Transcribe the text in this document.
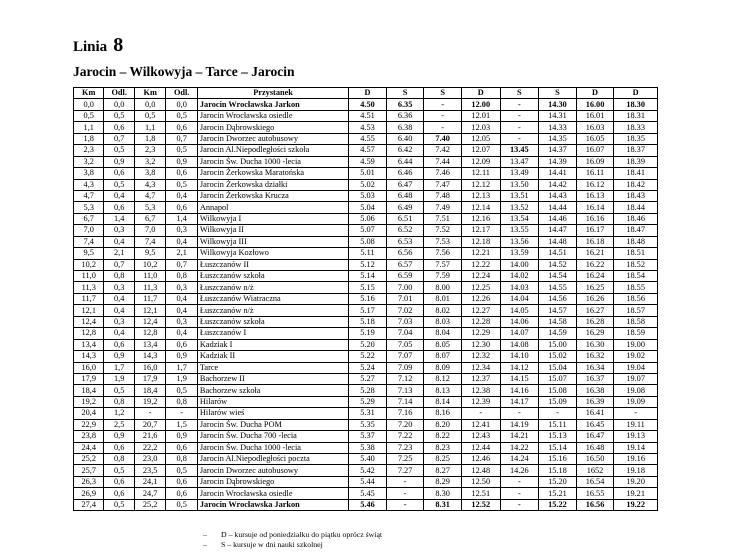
Linia 8
Jarocin – Wilkowyja – Tarce – Jarocin
Km	Odl.	Km	Odl.	Przystanek	D	S	S	D	S	S	D	D
0,0	0,0	0,0	0,0	Jarocin Wrocławska Jarkon	4.50	6.35	-	12.00	-	14.30	16.00	18.30
0,5	0,5	0,5	0,5	Jarocin Wrocławska osiedle	4.51	6.36	-	12.01	-	14.31	16.01	18.31
1,1	0,6	1,1	0,6	Jarocin Dąbrowskiego	4.53	6.38	-	12.03	-	14.33	16.03	18.33
1,8	0,7	1,8	0,7	Jarocin Dworzec autobusowy	4.55	6.40	7.40	12.05	-	14.35	16.05	18.35
2,3	0,5	2,3	0,5	Jarocin Al.Niepodległości szkoła	4.57	6.42	7.42	12.07	13.45	14.37	16.07	18.37
3,2	0,9	3,2	0,9	Jarocin Św. Ducha 1000 -lecia	4.59	6.44	7.44	12.09	13.47	14.39	16.09	18.39
3,8	0,6	3,8	0,6	Jarocin Żerkowska Maratońska	5.01	6.46	7.46	12.11	13.49	14.41	16.11	18.41
4,3	0,5	4,3	0,5	Jarocin Żerkowska działki	5.02	6.47	7.47	12.12	13.50	14.42	16.12	18.42
4,7	0,4	4,7	0,4	Jarocin Żerkowska Krucza	5.03	6.48	7.48	12.13	13.51	14.43	16.13	18.43
5,3	0,6	5,3	0,6	Annapol	5.04	6.49	7.49	12.14	13.52	14.44	16.14	18.44
6,7	1,4	6,7	1,4	Wilkowyja I	5.06	6.51	7.51	12.16	13.54	14.46	16.16	18.46
7,0	0,3	7,0	0,3	Wilkowyja II	5.07	6.52	7.52	12.17	13.55	14.47	16.17	18.47
7,4	0,4	7,4	0,4	Wilkowyja III	5.08	6.53	7.53	12.18	13.56	14.48	16.18	18.48
9,5	2,1	9,5	2,1	Wilkowyja Kozłowo	5.11	6.56	7.56	12.21	13.59	14.51	16.21	18.51
10,2	0,7	10,2	0,7	Łuszczanów II	5.12	6.57	7.57	12.22	14.00	14.52	16.22	18.52
11,0	0,8	11,0	0,8	Łuszczanów szkoła	5.14	6.59	7.59	12.24	14.02	14.54	16.24	18.54
11,3	0,3	11,3	0,3	Łuszczanów n/ż	5.15	7.00	8.00	12.25	14.03	14.55	16.25	18.55
11,7	0,4	11,7	0,4	Łuszczanów Wiatraczna	5.16	7.01	8.01	12.26	14.04	14.56	16.26	18.56
12,1	0,4	12,1	0,4	Łuszczanów n/ż	5.17	7.02	8.02	12.27	14.05	14.57	16.27	18.57
12,4	0,3	12,4	0,3	Łuszczanów szkoła	5.18	7.03	8.03	12.28	14.06	14.58	16.28	18.58
12,8	0,4	12,8	0,4	Łuszczanów I	5.19	7.04	8.04	12.29	14.07	14.59	16.29	18.59
13,4	0,6	13,4	0,6	Kadziak I	5.20	7.05	8.05	12.30	14.08	15.00	16.30	19.00
14,3	0,9	14,3	0,9	Kadziak II	5.22	7.07	8.07	12.32	14.10	15.02	16.32	19.02
16,0	1,7	16,0	1,7	Tarce	5.24	7.09	8.09	12.34	14.12	15.04	16.34	19.04
17,9	1,9	17,9	1,9	Bachorzew II	5.27	7.12	8.12	12.37	14.15	15.07	16.37	19.07
18,4	0,5	18,4	0,5	Bachorzew szkoła	5.28	7.13	8.13	12.38	14.16	15.08	16.38	19.08
19,2	0,8	19,2	0,8	Hilarów	5.29	7.14	8.14	12.39	14.17	15.09	16.39	19.09
20,4	1,2	-	-	Hilarów wieś	5.31	7.16	8.16	-	-	-	16.41	-
22,9	2,5	20,7	1,5	Jarocin Św. Ducha POM	5.35	7.20	8.20	12.41	14.19	15.11	16.45	19.11
23,8	0,9	21,6	0,9	Jarocin Św. Ducha 700 -lecia	5.37	7.22	8.22	12.43	14.21	15.13	16.47	19.13
24,4	0,6	22,2	0,6	Jarocin Św. Ducha 1000 -lecia	5.38	7.23	8.23	12.44	14.22	15.14	16.48	19.14
25,2	0,8	23,0	0,8	Jarocin Al.Niepodległości poczta	5.40	7.25	8.25	12.46	14.24	15.16	16.50	19.16
25,7	0,5	23,5	0,5	Jarocin Dworzec autobusowy	5.42	7.27	8.27	12.48	14.26	15.18	1652	19.18
26,3	0,6	24,1	0,6	Jarocin Dąbrowskiego	5.44	-	8.29	12.50	-	15.20	16.54	19.20
26,9	0,6	24,7	0,6	Jarocin Wrocławska osiedle	5.45	-	8.30	12.51	-	15.21	16.55	19.21
27,4	0,5	25,2	0,5	Jarocin Wrocławska Jarkon	5.46	-	8.31	12.52	-	15.22	16.56	19.22
–	D – kursuje od poniedziałku do piątku oprócz świąt
–	S – kursuje w dni nauki szkolnej
